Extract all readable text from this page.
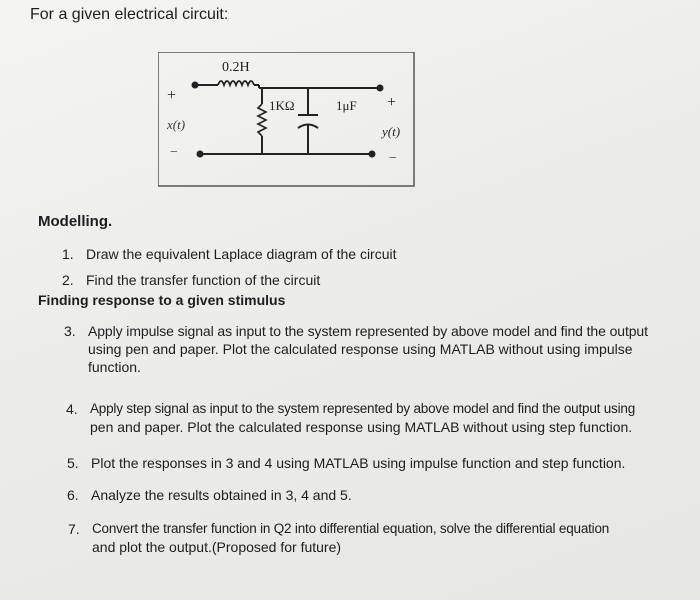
For a given electrical circuit:
0.2H
1KΩ	1μF
+
x(t)
−
+
y(t)
−
Modelling.
1. Draw the equivalent Laplace diagram of the circuit
2. Find the transfer function of the circuit
Finding response to a given stimulus
3. Apply impulse signal as input to the system represented by above model and find the output
using pen and paper. Plot the calculated response using MATLAB without using impulse
function.
4. Apply step signal as input to the system represented by above model and find the output using
pen and paper. Plot the calculated response using MATLAB without using step function.
5. Plot the responses in 3 and 4 using MATLAB using impulse function and step function.
6. Analyze the results obtained in 3, 4 and 5.
7. Convert the transfer function in Q2 into differential equation, solve the differential equation
and plot the output.(Proposed for future)
